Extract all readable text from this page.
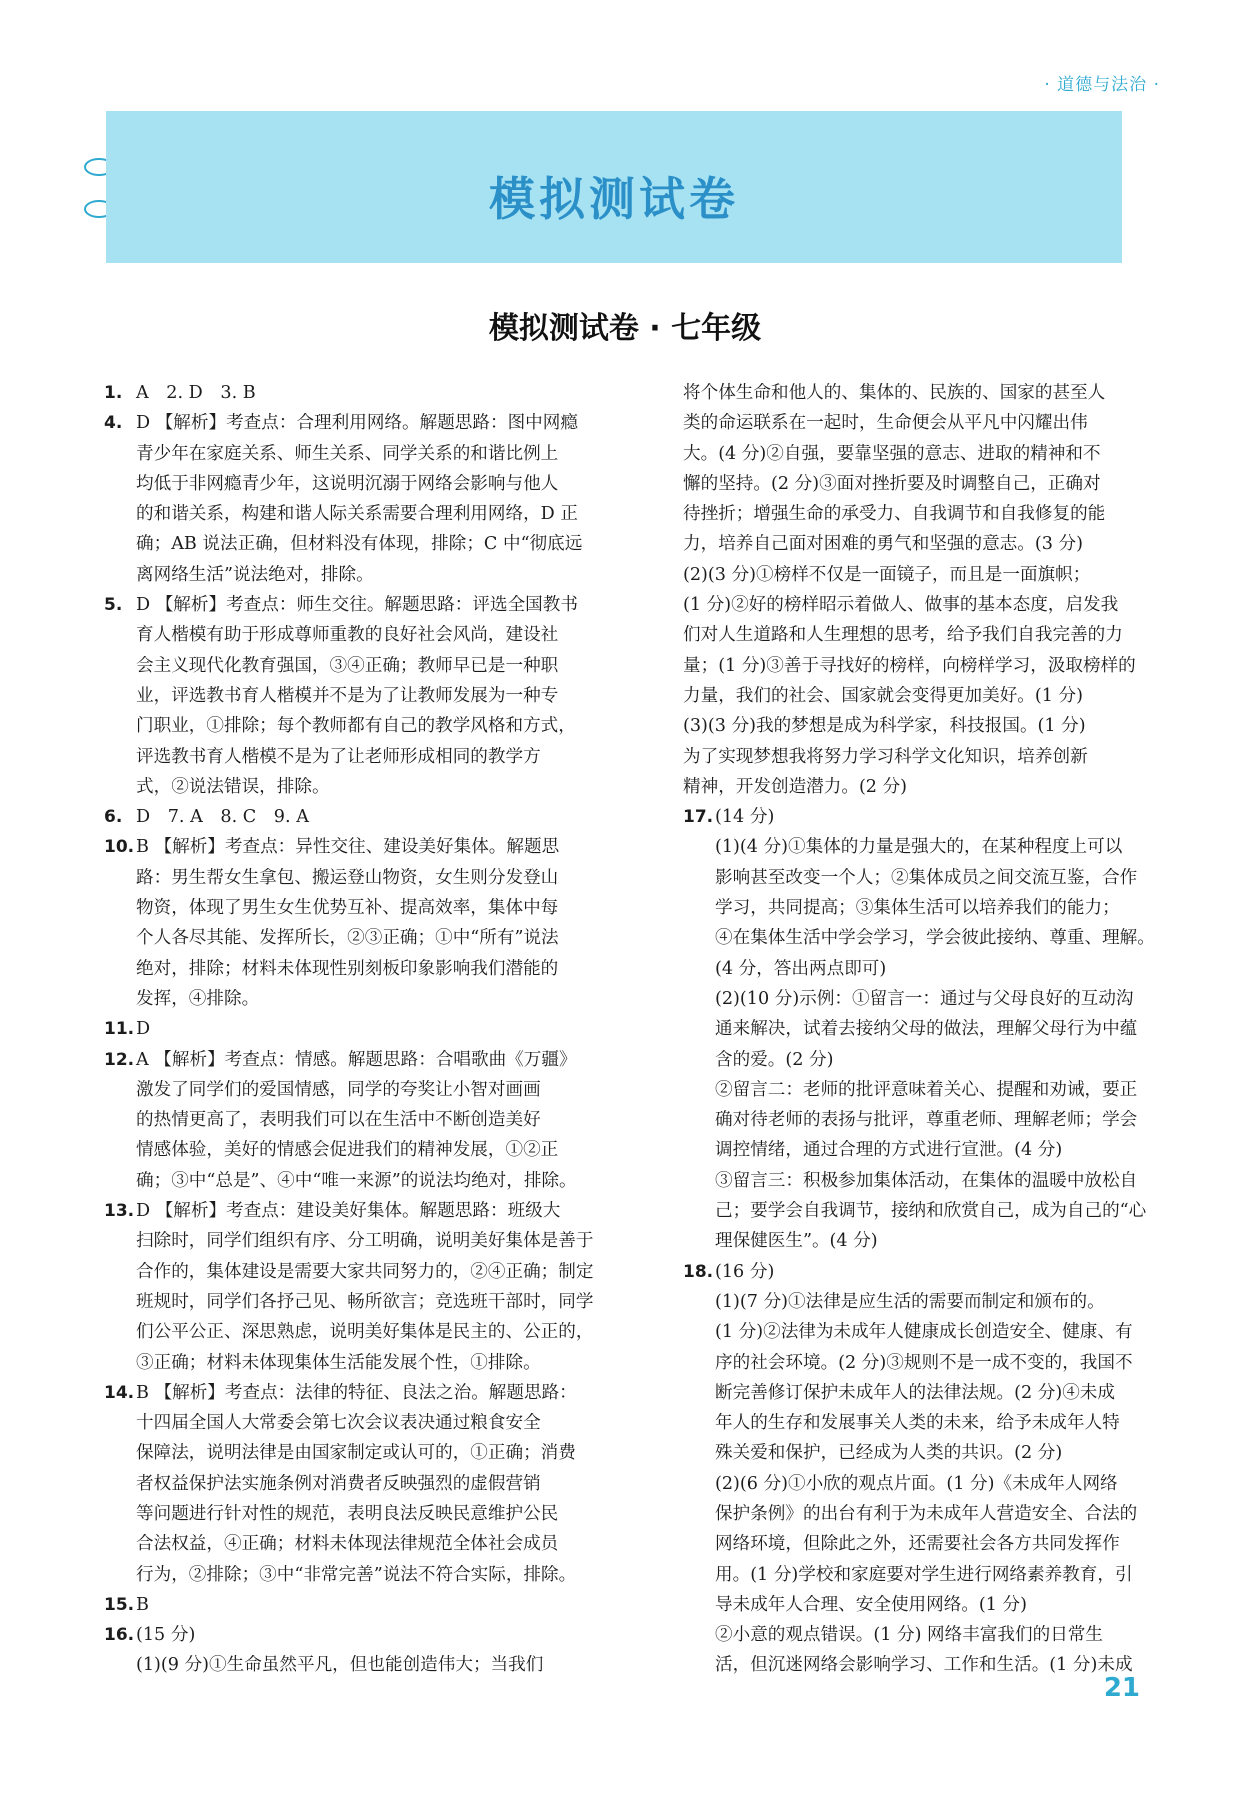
· 道德与法治 ·
模拟测试卷
模拟测试卷 · 七年级
1. A　2. D　3. B
4. D 【解析】考查点：合理利用网络。解题思路：图中网瘾
青少年在家庭关系、师生关系、同学关系的和谐比例上
均低于非网瘾青少年，这说明沉溺于网络会影响与他人
的和谐关系，构建和谐人际关系需要合理利用网络，D 正
确；AB 说法正确，但材料没有体现，排除；C 中“彻底远
离网络生活”说法绝对，排除。
5. D 【解析】考查点：师生交往。解题思路：评选全国教书
育人楷模有助于形成尊师重教的良好社会风尚，建设社
会主义现代化教育强国，③④正确；教师早已是一种职
业，评选教书育人楷模并不是为了让教师发展为一种专
门职业，①排除；每个教师都有自己的教学风格和方式，
评选教书育人楷模不是为了让老师形成相同的教学方
式，②说法错误，排除。
6. D　7. A　8. C　9. A
10. B 【解析】考查点：异性交往、建设美好集体。解题思
路：男生帮女生拿包、搬运登山物资，女生则分发登山
物资，体现了男生女生优势互补、提高效率，集体中每
个人各尽其能、发挥所长，②③正确；①中“所有”说法
绝对，排除；材料未体现性别刻板印象影响我们潜能的
发挥，④排除。
11. D
12. A 【解析】考查点：情感。解题思路：合唱歌曲《万疆》
激发了同学们的爱国情感，同学的夸奖让小智对画画
的热情更高了，表明我们可以在生活中不断创造美好
情感体验，美好的情感会促进我们的精神发展，①②正
确；③中“总是”、④中“唯一来源”的说法均绝对，排除。
13. D 【解析】考查点：建设美好集体。解题思路：班级大
扫除时，同学们组织有序、分工明确，说明美好集体是善于
合作的，集体建设是需要大家共同努力的，②④正确；制定
班规时，同学们各抒己见、畅所欲言；竞选班干部时，同学
们公平公正、深思熟虑，说明美好集体是民主的、公正的，
③正确；材料未体现集体生活能发展个性，①排除。
14. B 【解析】考查点：法律的特征、良法之治。解题思路：
十四届全国人大常委会第七次会议表决通过粮食安全
保障法，说明法律是由国家制定或认可的，①正确；消费
者权益保护法实施条例对消费者反映强烈的虚假营销
等问题进行针对性的规范，表明良法反映民意维护公民
合法权益，④正确；材料未体现法律规范全体社会成员
行为，②排除；③中“非常完善”说法不符合实际，排除。
15. B
16. (15 分)
(1)(9 分)①生命虽然平凡，但也能创造伟大；当我们
将个体生命和他人的、集体的、民族的、国家的甚至人
类的命运联系在一起时，生命便会从平凡中闪耀出伟
大。(4 分)②自强，要靠坚强的意志、进取的精神和不
懈的坚持。(2 分)③面对挫折要及时调整自己，正确对
待挫折；增强生命的承受力、自我调节和自我修复的能
力，培养自己面对困难的勇气和坚强的意志。(3 分)
(2)(3 分)①榜样不仅是一面镜子，而且是一面旗帜；
(1 分)②好的榜样昭示着做人、做事的基本态度，启发我
们对人生道路和人生理想的思考，给予我们自我完善的力
量；(1 分)③善于寻找好的榜样，向榜样学习，汲取榜样的
力量，我们的社会、国家就会变得更加美好。(1 分)
(3)(3 分)我的梦想是成为科学家，科技报国。(1 分)
为了实现梦想我将努力学习科学文化知识，培养创新
精神，开发创造潜力。(2 分)
17. (14 分)
(1)(4 分)①集体的力量是强大的，在某种程度上可以
影响甚至改变一个人；②集体成员之间交流互鉴，合作
学习，共同提高；③集体生活可以培养我们的能力；
④在集体生活中学会学习，学会彼此接纳、尊重、理解。
(4 分，答出两点即可)
(2)(10 分)示例：①留言一：通过与父母良好的互动沟
通来解决，试着去接纳父母的做法，理解父母行为中蕴
含的爱。(2 分)
②留言二：老师的批评意味着关心、提醒和劝诫，要正
确对待老师的表扬与批评，尊重老师、理解老师；学会
调控情绪，通过合理的方式进行宣泄。(4 分)
③留言三：积极参加集体活动，在集体的温暖中放松自
己；要学会自我调节，接纳和欣赏自己，成为自己的“心
理保健医生”。(4 分)
18. (16 分)
(1)(7 分)①法律是应生活的需要而制定和颁布的。
(1 分)②法律为未成年人健康成长创造安全、健康、有
序的社会环境。(2 分)③规则不是一成不变的，我国不
断完善修订保护未成年人的法律法规。(2 分)④未成
年人的生存和发展事关人类的未来，给予未成年人特
殊关爱和保护，已经成为人类的共识。(2 分)
(2)(6 分)①小欣的观点片面。(1 分)《未成年人网络
保护条例》的出台有利于为未成年人营造安全、合法的
网络环境，但除此之外，还需要社会各方共同发挥作
用。(1 分)学校和家庭要对学生进行网络素养教育，引
导未成年人合理、安全使用网络。(1 分)
②小意的观点错误。(1 分) 网络丰富我们的日常生
活，但沉迷网络会影响学习、工作和生活。(1 分)未成
21
